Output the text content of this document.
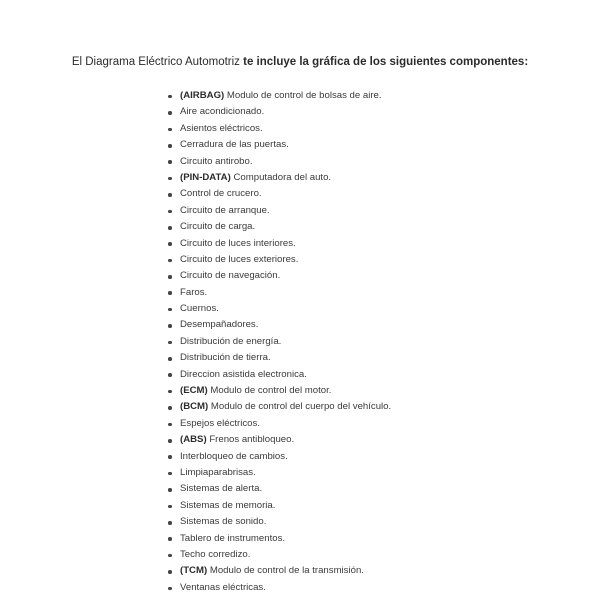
El Diagrama Eléctrico Automotriz te incluye la gráfica de los siguientes componentes:

(AIRBAG) Modulo de control de bolsas de aire.
Aire acondicionado.
Asientos eléctricos.
Cerradura de las puertas.
Circuito antirobo.
(PIN-DATA) Computadora del auto.
Control de crucero.
Circuito de arranque.
Circuito de carga.
Circuito de luces interiores.
Circuito de luces exteriores.
Circuito de navegación.
Faros.
Cuernos.
Desempañadores.
Distribución de energía.
Distribución de tierra.
Direccion asistida electronica.
(ECM) Modulo de control del motor.
(BCM) Modulo de control del cuerpo del vehículo.
Espejos eléctricos.
(ABS) Frenos antibloqueo.
Interbloqueo de cambios.
Limpiaparabrisas.
Sistemas de alerta.
Sistemas de memoria.
Sistemas de sonido.
Tablero de instrumentos.
Techo corredizo.
(TCM) Modulo de control de la transmisión.
Ventanas eléctricas.
